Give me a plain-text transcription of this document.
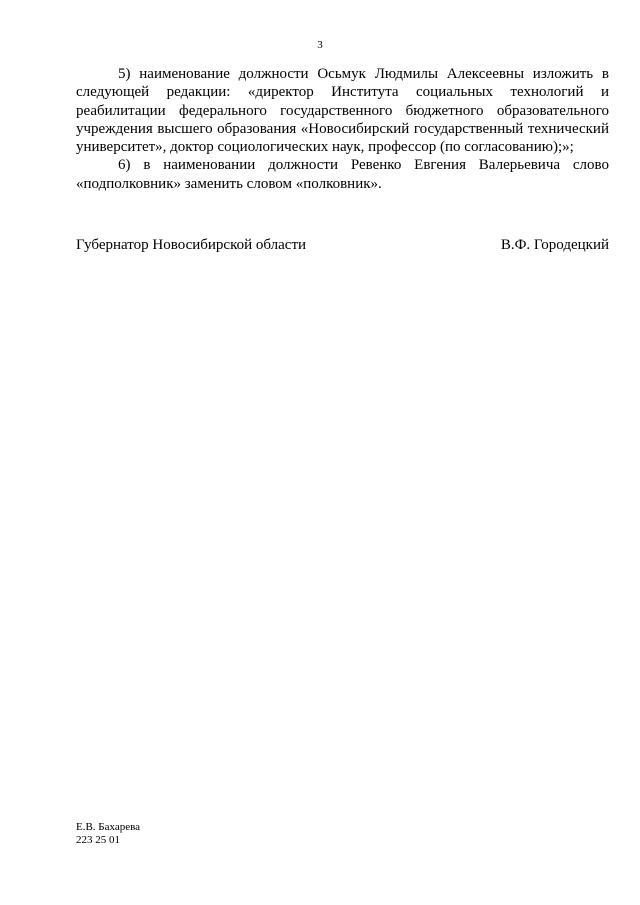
3

5) наименование должности Осьмук Людмилы Алексеевны изложить в следующей редакции: «директор Института социальных технологий и реабилитации федерального государственного бюджетного образовательного учреждения высшего образования «Новосибирский государственный технический университет», доктор социологических наук, профессор (по согласованию);»;

6) в наименовании должности Ревенко Евгения Валерьевича слово «подполковник» заменить словом «полковник».

Губернатор Новосибирской области	В.Ф. Городецкий
Е.В. Бахарева
223 25 01
